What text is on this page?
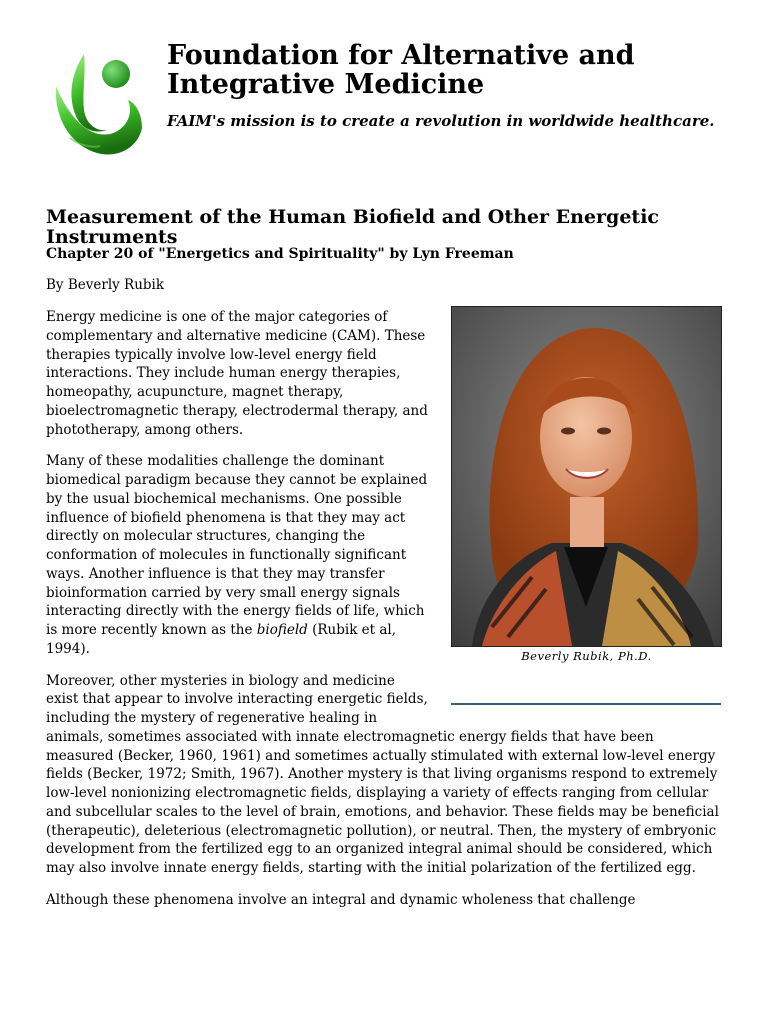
Foundation for Alternative and Integrative Medicine

FAIM's mission is to create a revolution in worldwide healthcare.

Measurement of the Human Biofield and Other Energetic Instruments
Chapter 20 of "Energetics and Spirituality" by Lyn Freeman

By Beverly Rubik

Beverly Rubik, Ph.D.

Energy medicine is one of the major categories of complementary and alternative medicine (CAM). These therapies typically involve low-level energy field interactions. They include human energy therapies, homeopathy, acupuncture, magnet therapy, bioelectromagnetic therapy, electrodermal therapy, and phototherapy, among others.

Many of these modalities challenge the dominant biomedical paradigm because they cannot be explained by the usual biochemical mechanisms. One possible influence of biofield phenomena is that they may act directly on molecular structures, changing the conformation of molecules in functionally significant ways. Another influence is that they may transfer bioinformation carried by very small energy signals interacting directly with the energy fields of life, which is more recently known as the biofield (Rubik et al, 1994).

Moreover, other mysteries in biology and medicine exist that appear to involve interacting energetic fields, including the mystery of regenerative healing in animals, sometimes associated with innate electromagnetic energy fields that have been measured (Becker, 1960, 1961) and sometimes actually stimulated with external low-level energy fields (Becker, 1972; Smith, 1967). Another mystery is that living organisms respond to extremely low-level nonionizing electromagnetic fields, displaying a variety of effects ranging from cellular and subcellular scales to the level of brain, emotions, and behavior. These fields may be beneficial (therapeutic), deleterious (electromagnetic pollution), or neutral. Then, the mystery of embryonic development from the fertilized egg to an organized integral animal should be considered, which may also involve innate energy fields, starting with the initial polarization of the fertilized egg.

Although these phenomena involve an integral and dynamic wholeness that challenge
